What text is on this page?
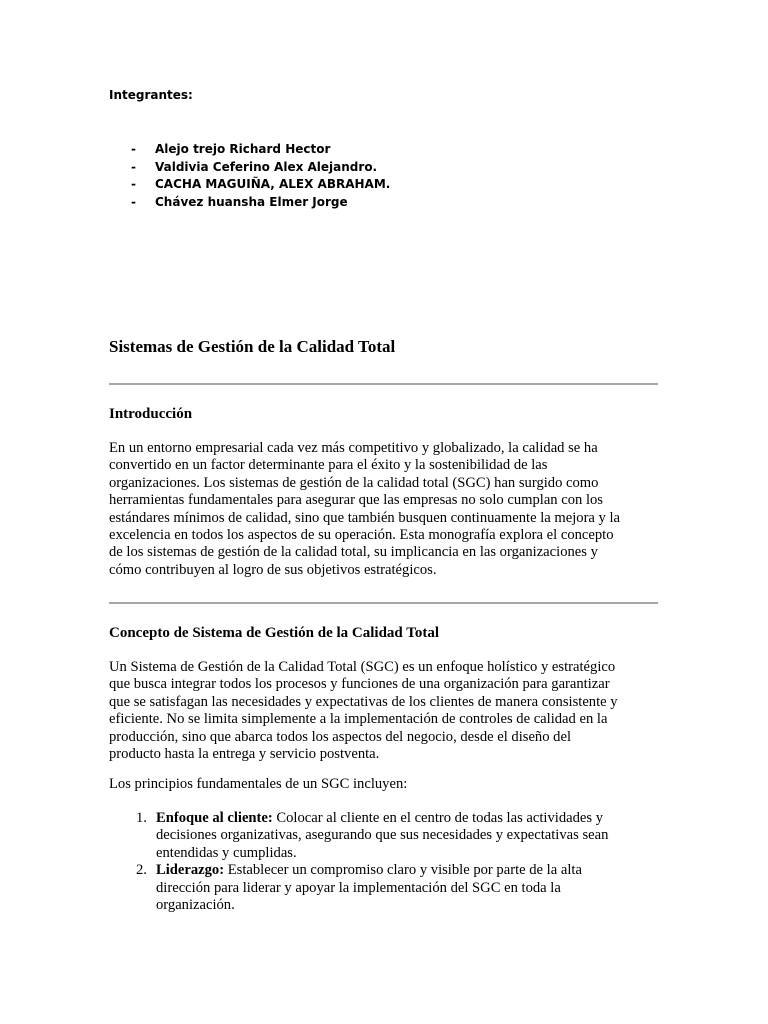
Integrantes:
-	Alejo trejo Richard Hector
-	Valdivia Ceferino Alex Alejandro.
-	CACHA MAGUIÑA, ALEX ABRAHAM.
-	Chávez huansha Elmer Jorge
Sistemas de Gestión de la Calidad Total
Introducción
En un entorno empresarial cada vez más competitivo y globalizado, la calidad se ha
convertido en un factor determinante para el éxito y la sostenibilidad de las
organizaciones. Los sistemas de gestión de la calidad total (SGC) han surgido como
herramientas fundamentales para asegurar que las empresas no solo cumplan con los
estándares mínimos de calidad, sino que también busquen continuamente la mejora y la
excelencia en todos los aspectos de su operación. Esta monografía explora el concepto
de los sistemas de gestión de la calidad total, su implicancia en las organizaciones y
cómo contribuyen al logro de sus objetivos estratégicos.
Concepto de Sistema de Gestión de la Calidad Total
Un Sistema de Gestión de la Calidad Total (SGC) es un enfoque holístico y estratégico
que busca integrar todos los procesos y funciones de una organización para garantizar
que se satisfagan las necesidades y expectativas de los clientes de manera consistente y
eficiente. No se limita simplemente a la implementación de controles de calidad en la
producción, sino que abarca todos los aspectos del negocio, desde el diseño del
producto hasta la entrega y servicio postventa.
Los principios fundamentales de un SGC incluyen:
1. Enfoque al cliente: Colocar al cliente en el centro de todas las actividades y
decisiones organizativas, asegurando que sus necesidades y expectativas sean
entendidas y cumplidas.
2. Liderazgo: Establecer un compromiso claro y visible por parte de la alta
dirección para liderar y apoyar la implementación del SGC en toda la
organización.
